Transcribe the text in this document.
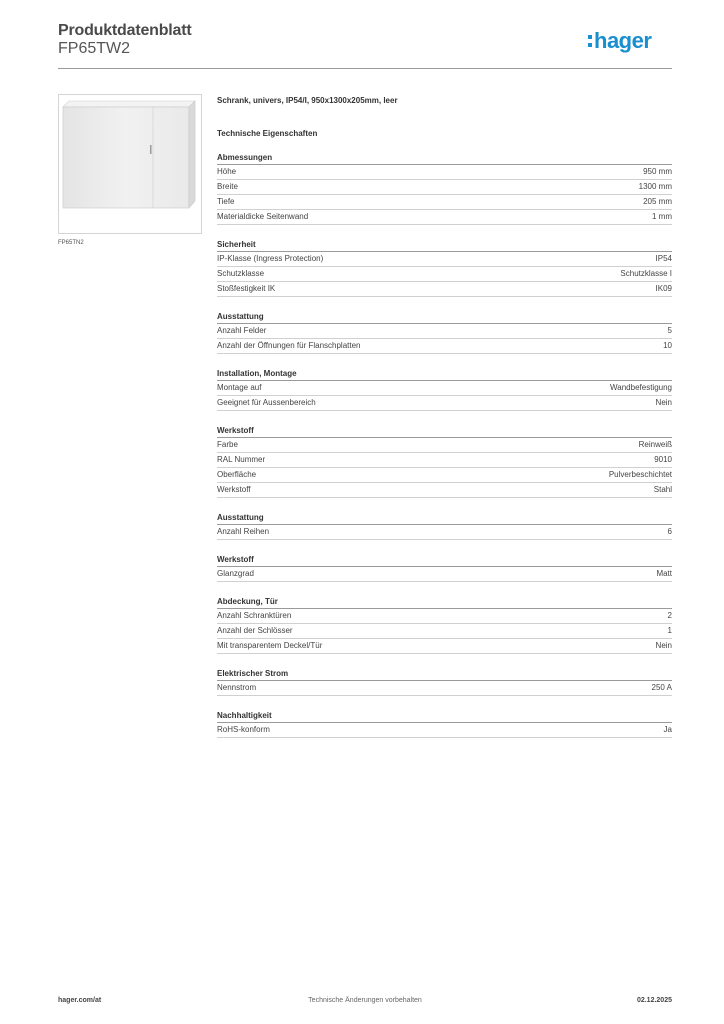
Produktdatenblatt
FP65TW2	hager
FP65TN2
Schrank, univers, IP54/I, 950x1300x205mm, leer
Technische Eigenschaften
Abmessungen
Höhe	950 mm
Breite	1300 mm
Tiefe	205 mm
Materialdicke Seitenwand	1 mm
Sicherheit
IP-Klasse (Ingress Protection)	IP54
Schutzklasse	Schutzklasse I
Stoßfestigkeit IK	IK09
Ausstattung
Anzahl Felder	5
Anzahl der Öffnungen für Flanschplatten	10
Installation, Montage
Montage auf	Wandbefestigung
Geeignet für Aussenbereich	Nein
Werkstoff
Farbe	Reinweiß
RAL Nummer	9010
Oberfläche	Pulverbeschichtet
Werkstoff	Stahl
Ausstattung
Anzahl Reihen	6
Werkstoff
Glanzgrad	Matt
Abdeckung, Tür
Anzahl Schranktüren	2
Anzahl der Schlösser	1
Mit transparentem Deckel/Tür	Nein
Elektrischer Strom
Nennstrom	250 A
Nachhaltigkeit
RoHS-konform	Ja
hager.com/at	Technische Änderungen vorbehalten	02.12.2025
